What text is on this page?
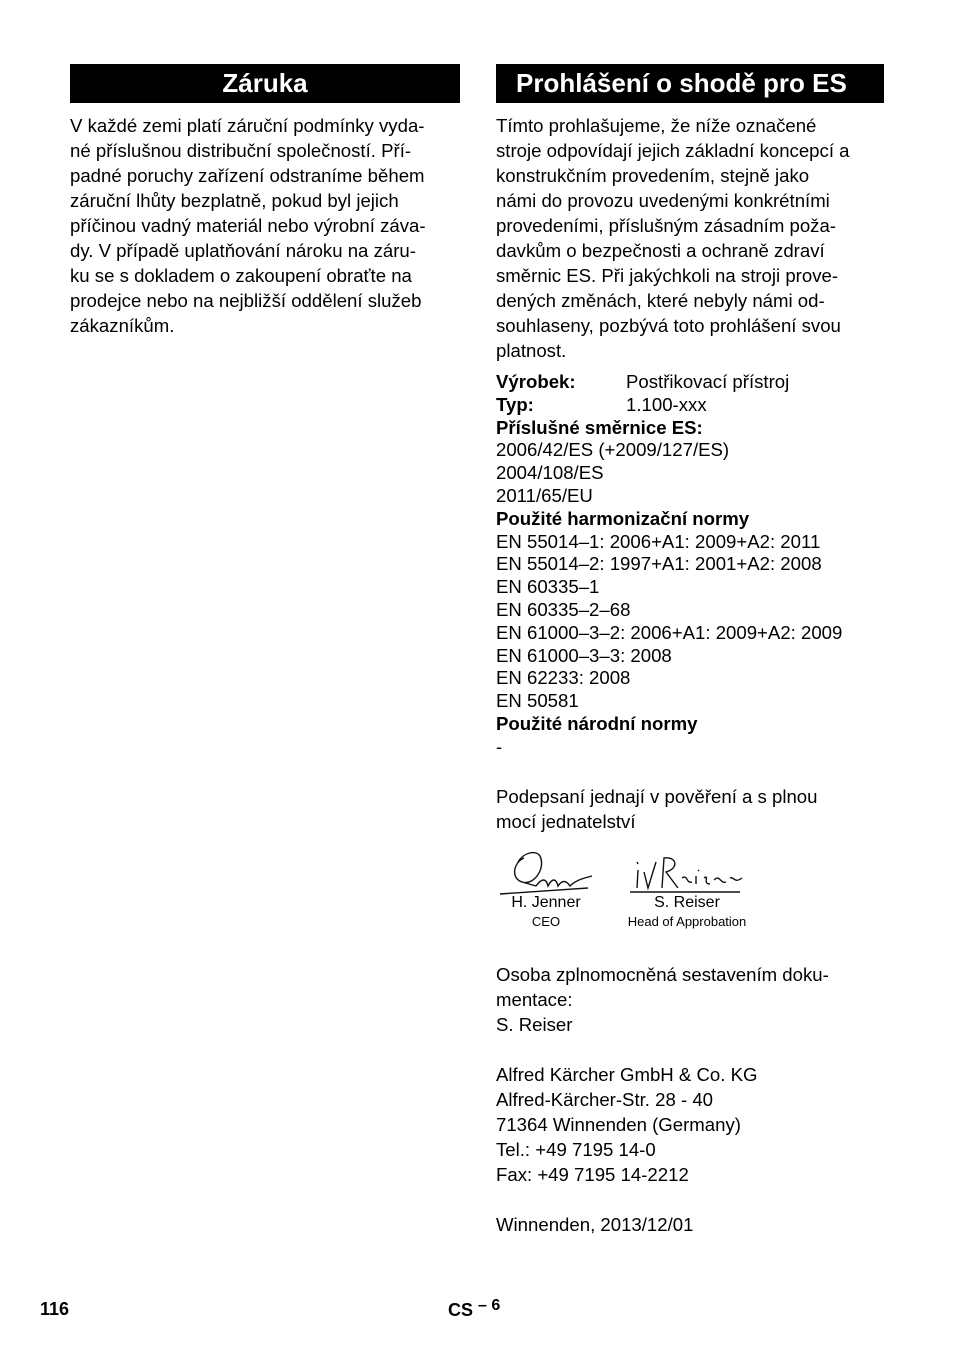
Záruka

V každé zemi platí záruční podmínky vyda-
né příslušnou distribuční společností. Pří-
padné poruchy zařízení odstraníme během
záruční lhůty bezplatně, pokud byl jejich
příčinou vadný materiál nebo výrobní záva-
dy. V případě uplatňování nároku na záru-
ku se s dokladem o zakoupení obraťte na
prodejce nebo na nejbližší oddělení služeb
zákazníkům.

Prohlášení o shodě pro ES

Tímto prohlašujeme, že níže označené
stroje odpovídají jejich základní koncepcí a
konstrukčním provedením, stejně jako
námi do provozu uvedenými konkrétními
provedeními, příslušným zásadním poža-
davkům o bezpečnosti a ochraně zdraví
směrnic ES. Při jakýchkoli na stroji prove-
dených změnách, které nebyly námi od-
souhlaseny, pozbývá toto prohlášení svou
platnost.

Výrobek:	Postřikovací přístroj
Typ:	1.100-xxx
Příslušné směrnice ES:
2006/42/ES (+2009/127/ES)
2004/108/ES
2011/65/EU
Použité harmonizační normy
EN 55014–1: 2006+A1: 2009+A2: 2011
EN 55014–2: 1997+A1: 2001+A2: 2008
EN 60335–1
EN 60335–2–68
EN 61000–3–2: 2006+A1: 2009+A2: 2009
EN 61000–3–3: 2008
EN 62233: 2008
EN 50581
Použité národní normy
-

Podepsaní jednají v pověření a s plnou
mocí jednatelství

H. Jenner
CEO
S. Reiser
Head of Approbation

Osoba zplnomocněná sestavením doku-
mentace:
S. Reiser

Alfred Kärcher GmbH & Co. KG
Alfred-Kärcher-Str. 28 - 40
71364 Winnenden (Germany)
Tel.: +49 7195 14-0
Fax: +49 7195 14-2212

Winnenden, 2013/12/01

116	CS $^{- 6}$
